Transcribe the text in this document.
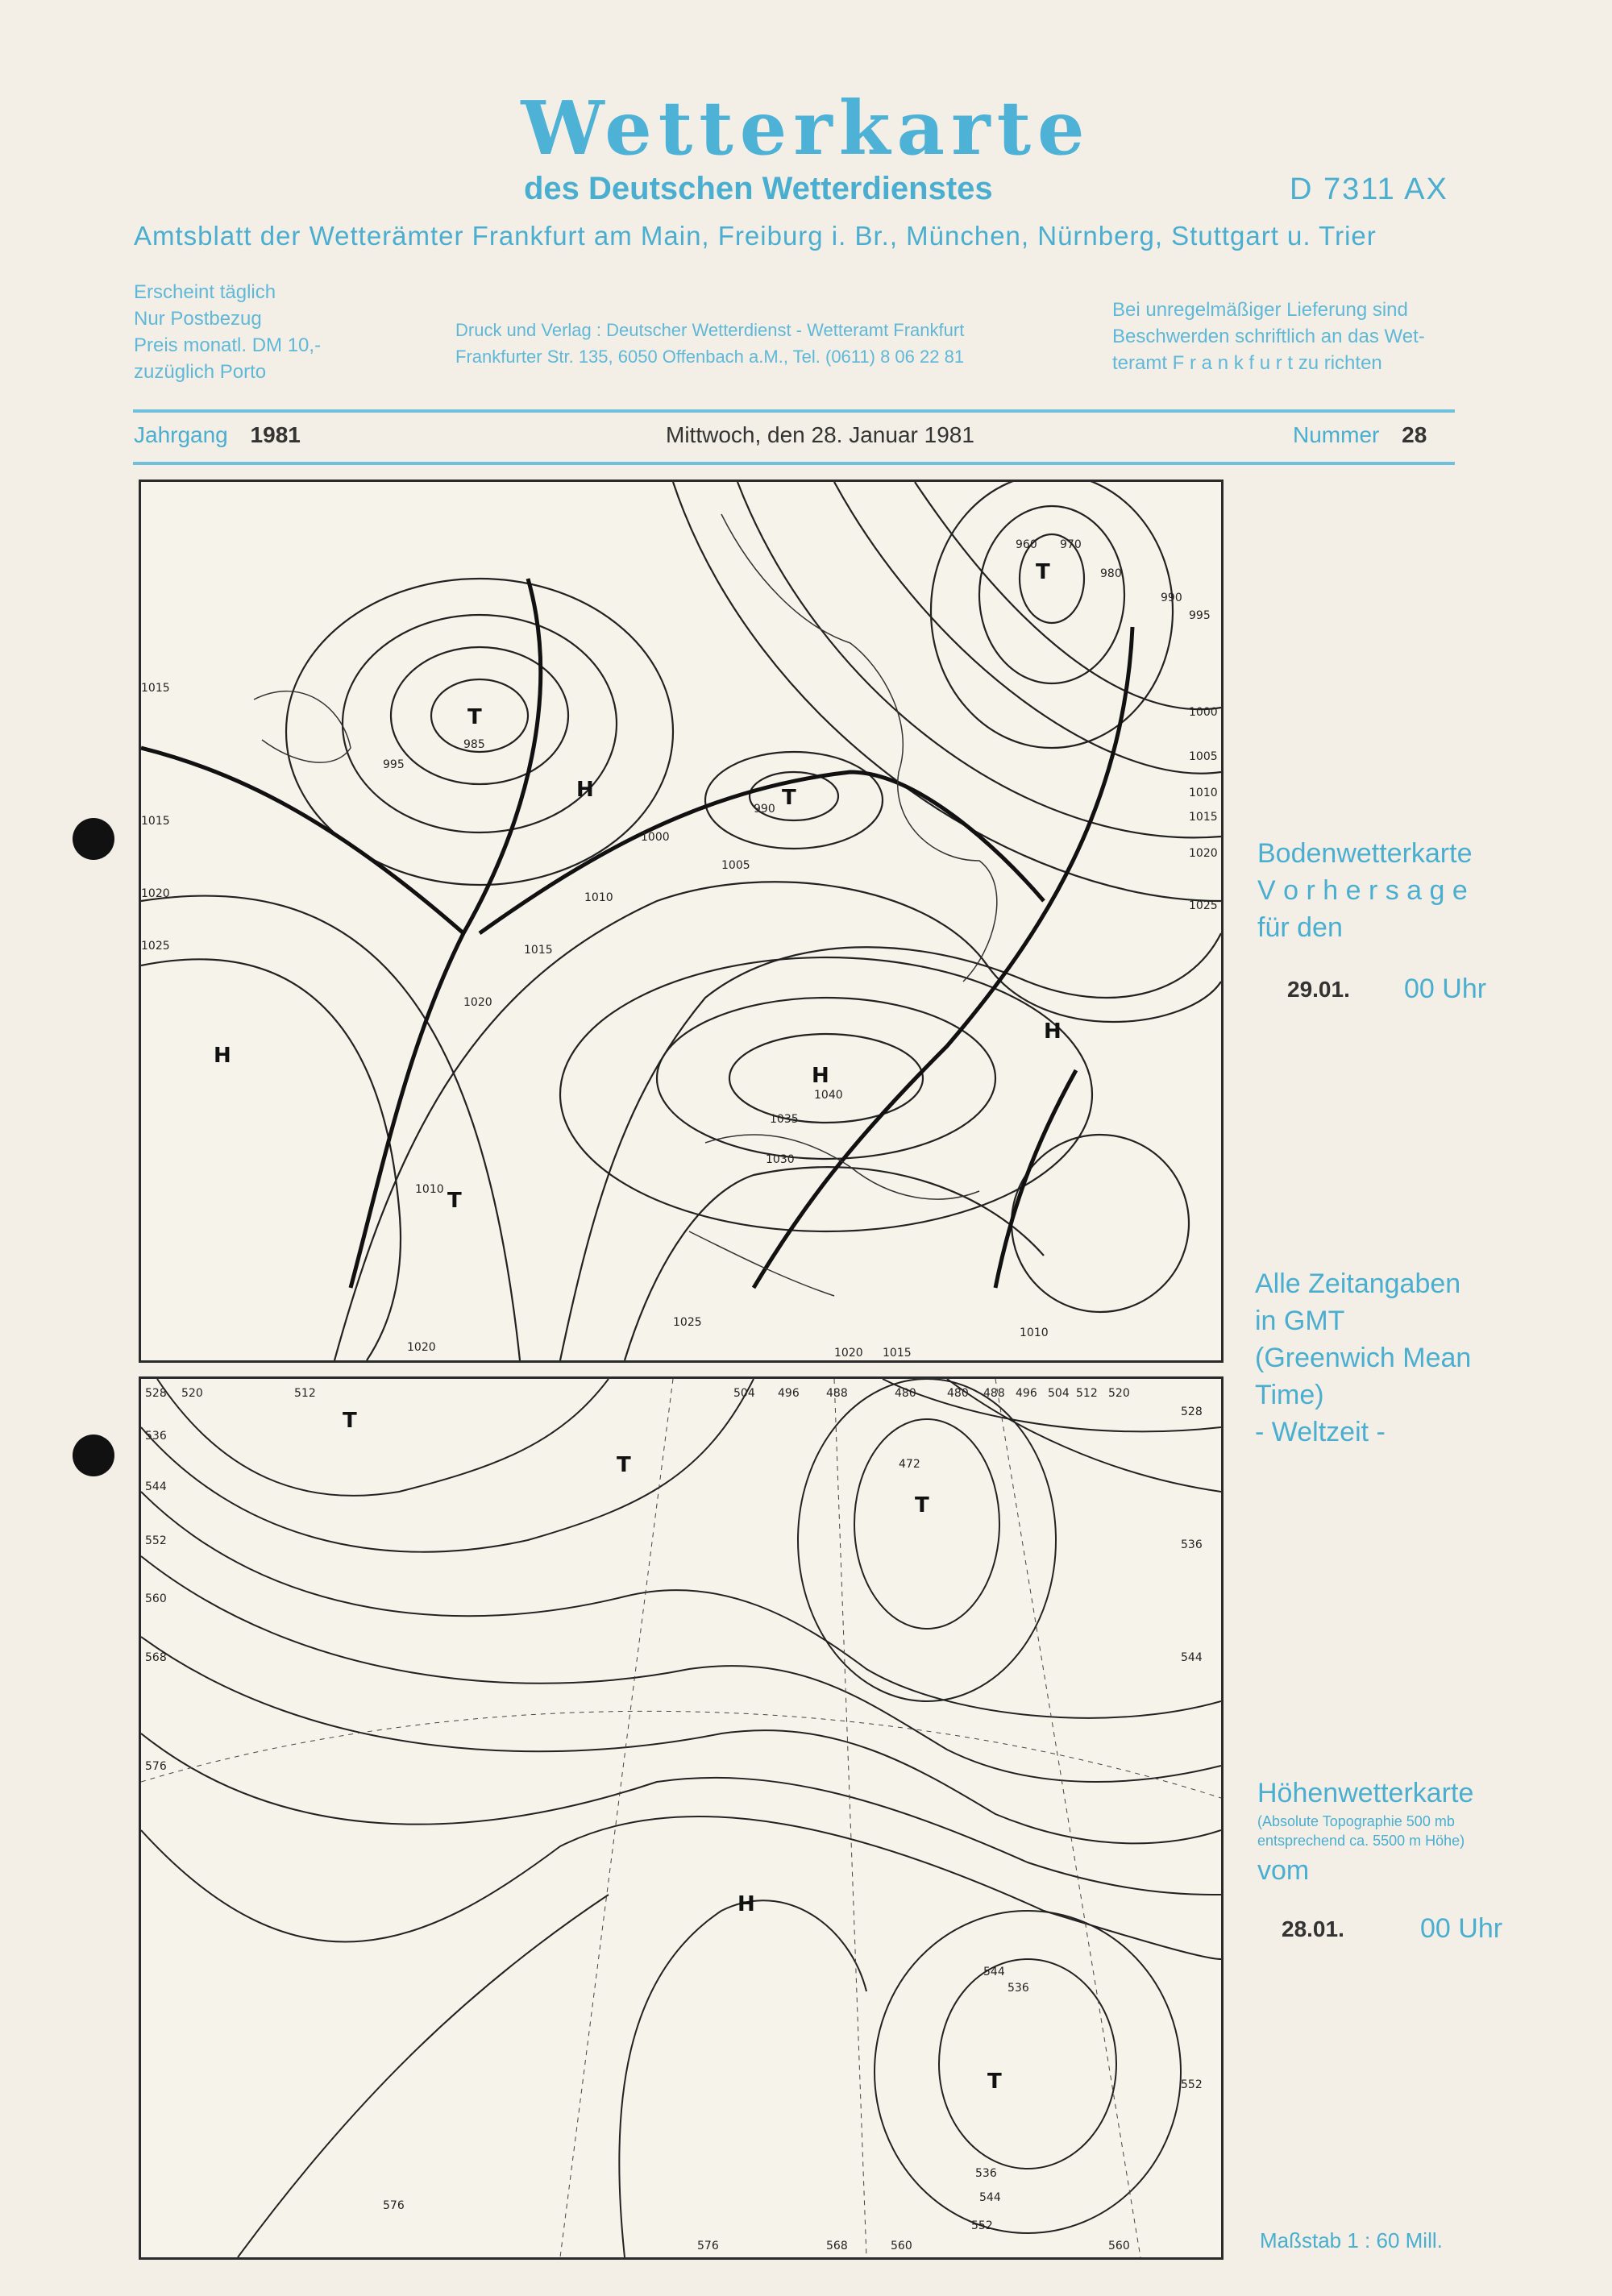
Wetterkarte
des Deutschen Wetterdienstes	D 7311 AX
Amtsblatt der Wetterämter Frankfurt am Main, Freiburg i. Br., München, Nürnberg, Stuttgart u. Trier
Erscheint täglich
Nur Postbezug
Preis monatl. DM 10,-
zuzüglich Porto
Druck und Verlag : Deutscher Wetterdienst - Wetteramt Frankfurt
Frankfurter Str. 135, 6050 Offenbach a.M., Tel. (0611) 8 06 22 81
Bei unregelmäßiger Lieferung sind
Beschwerden schriftlich an das Wet-
teramt F r a n k f u r t zu richten
Jahrgang 1981	Mittwoch, den 28. Januar 1981	Nummer 28
T
T
T
T
H
H
H
H
985
995
990
960 970
980
990
995
1000
1005
1010
1015
1020
1025
1015
1015
1020
1025
1000
1005
1010
1015
1020
1040
1035
1030
1025
1020 1015
1010
1020
1010
T
T
T
T
H
528 520	512	504 496 488	480	480 488 496 504 512 520
528
472
536
544
552
560
568
576
536
544
552
536
544
536
544
552
568	560	560
576
576
Bodenwetterkarte
V o r h e r s a g e
für den
29.01. 00 Uhr
Alle Zeitangaben
in GMT
(Greenwich Mean
Time)
- Weltzeit -
Höhenwetterkarte
(Absolute Topographie 500 mb
entsprechend ca. 5500 m Höhe)
vom
28.01.	00 Uhr
Maßstab 1 : 60 Mill.
